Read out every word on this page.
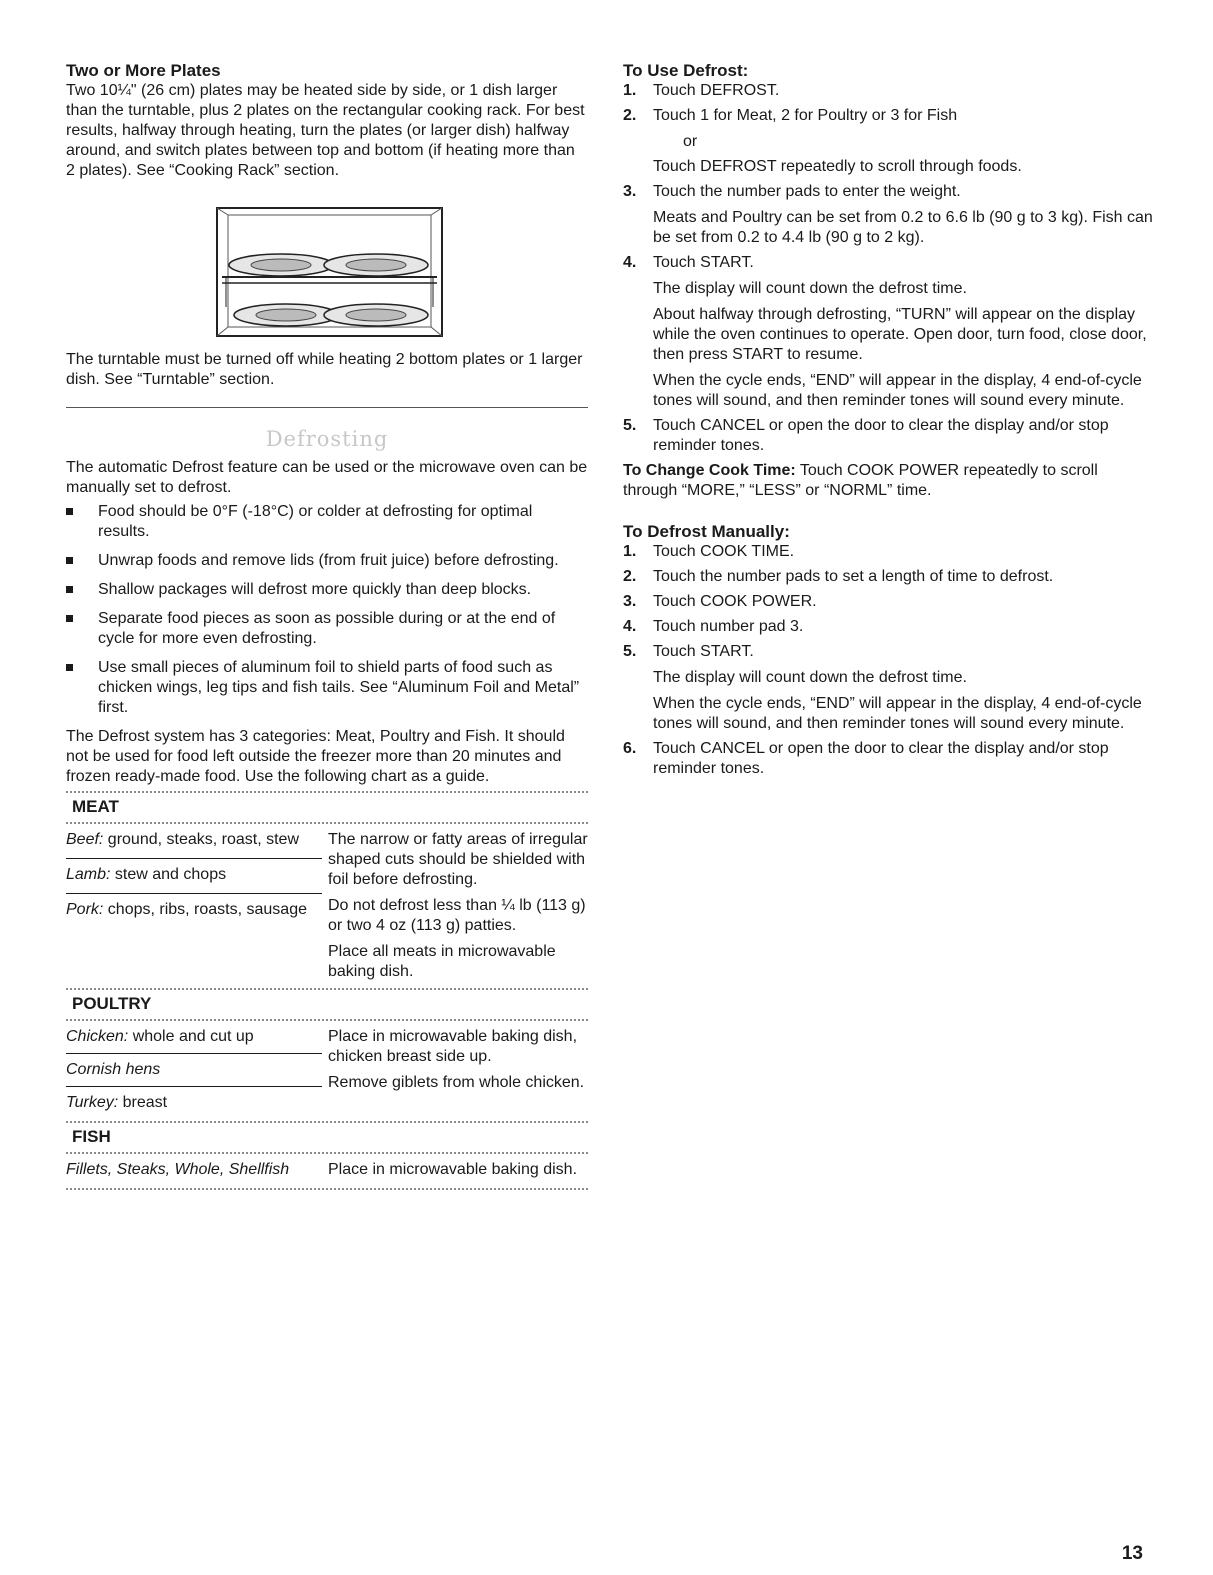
Two or More Plates

Two 10¼" (26 cm) plates may be heated side by side, or 1 dish larger than the turntable, plus 2 plates on the rectangular cooking rack. For best results, halfway through heating, turn the plates (or larger dish) halfway around, and switch plates between top and bottom (if heating more than 2 plates). See “Cooking Rack” section.

The turntable must be turned off while heating 2 bottom plates or 1 larger dish. See “Turntable” section.

Defrosting

The automatic Defrost feature can be used or the microwave oven can be manually set to defrost.

Food should be 0°F (-18°C) or colder at defrosting for optimal results.
Unwrap foods and remove lids (from fruit juice) before defrosting.
Shallow packages will defrost more quickly than deep blocks.
Separate food pieces as soon as possible during or at the end of cycle for more even defrosting.
Use small pieces of aluminum foil to shield parts of food such as chicken wings, leg tips and fish tails. See “Aluminum Foil and Metal” first.

The Defrost system has 3 categories: Meat, Poultry and Fish. It should not be used for food left outside the freezer more than 20 minutes and frozen ready-made food. Use the following chart as a guide.

MEAT
Beef: ground, steaks, roast, stew
Lamb: stew and chops
Pork: chops, ribs, roasts, sausage

The narrow or fatty areas of irregular shaped cuts should be shielded with foil before defrosting.

Do not defrost less than ¼ lb (113 g) or two 4 oz (113 g) patties.

Place all meats in microwavable baking dish.

POULTRY
Chicken: whole and cut up
Cornish hens
Turkey: breast

Place in microwavable baking dish, chicken breast side up.

Remove giblets from whole chicken.

FISH
Fillets, Steaks, Whole, Shellfish	Place in microwavable baking dish.

To Use Defrost:
1. Touch DEFROST.
2. Touch 1 for Meat, 2 for Poultry or 3 for Fish

or

Touch DEFROST repeatedly to scroll through foods.

3. Touch the number pads to enter the weight.

Meats and Poultry can be set from 0.2 to 6.6 lb (90 g to 3 kg). Fish can be set from 0.2 to 4.4 lb (90 g to 2 kg).

4. Touch START.

The display will count down the defrost time.

About halfway through defrosting, “TURN” will appear on the display while the oven continues to operate. Open door, turn food, close door, then press START to resume.

When the cycle ends, “END” will appear in the display, 4 end-of-cycle tones will sound, and then reminder tones will sound every minute.

5. Touch CANCEL or open the door to clear the display and/or stop reminder tones.

To Change Cook Time: Touch COOK POWER repeatedly to scroll through “MORE,” “LESS” or “NORML” time.

To Defrost Manually:
1. Touch COOK TIME.
2. Touch the number pads to set a length of time to defrost.
3. Touch COOK POWER.
4. Touch number pad 3.
5. Touch START.

The display will count down the defrost time.

When the cycle ends, “END” will appear in the display, 4 end-of-cycle tones will sound, and then reminder tones will sound every minute.

6. Touch CANCEL or open the door to clear the display and/or stop reminder tones.
13
